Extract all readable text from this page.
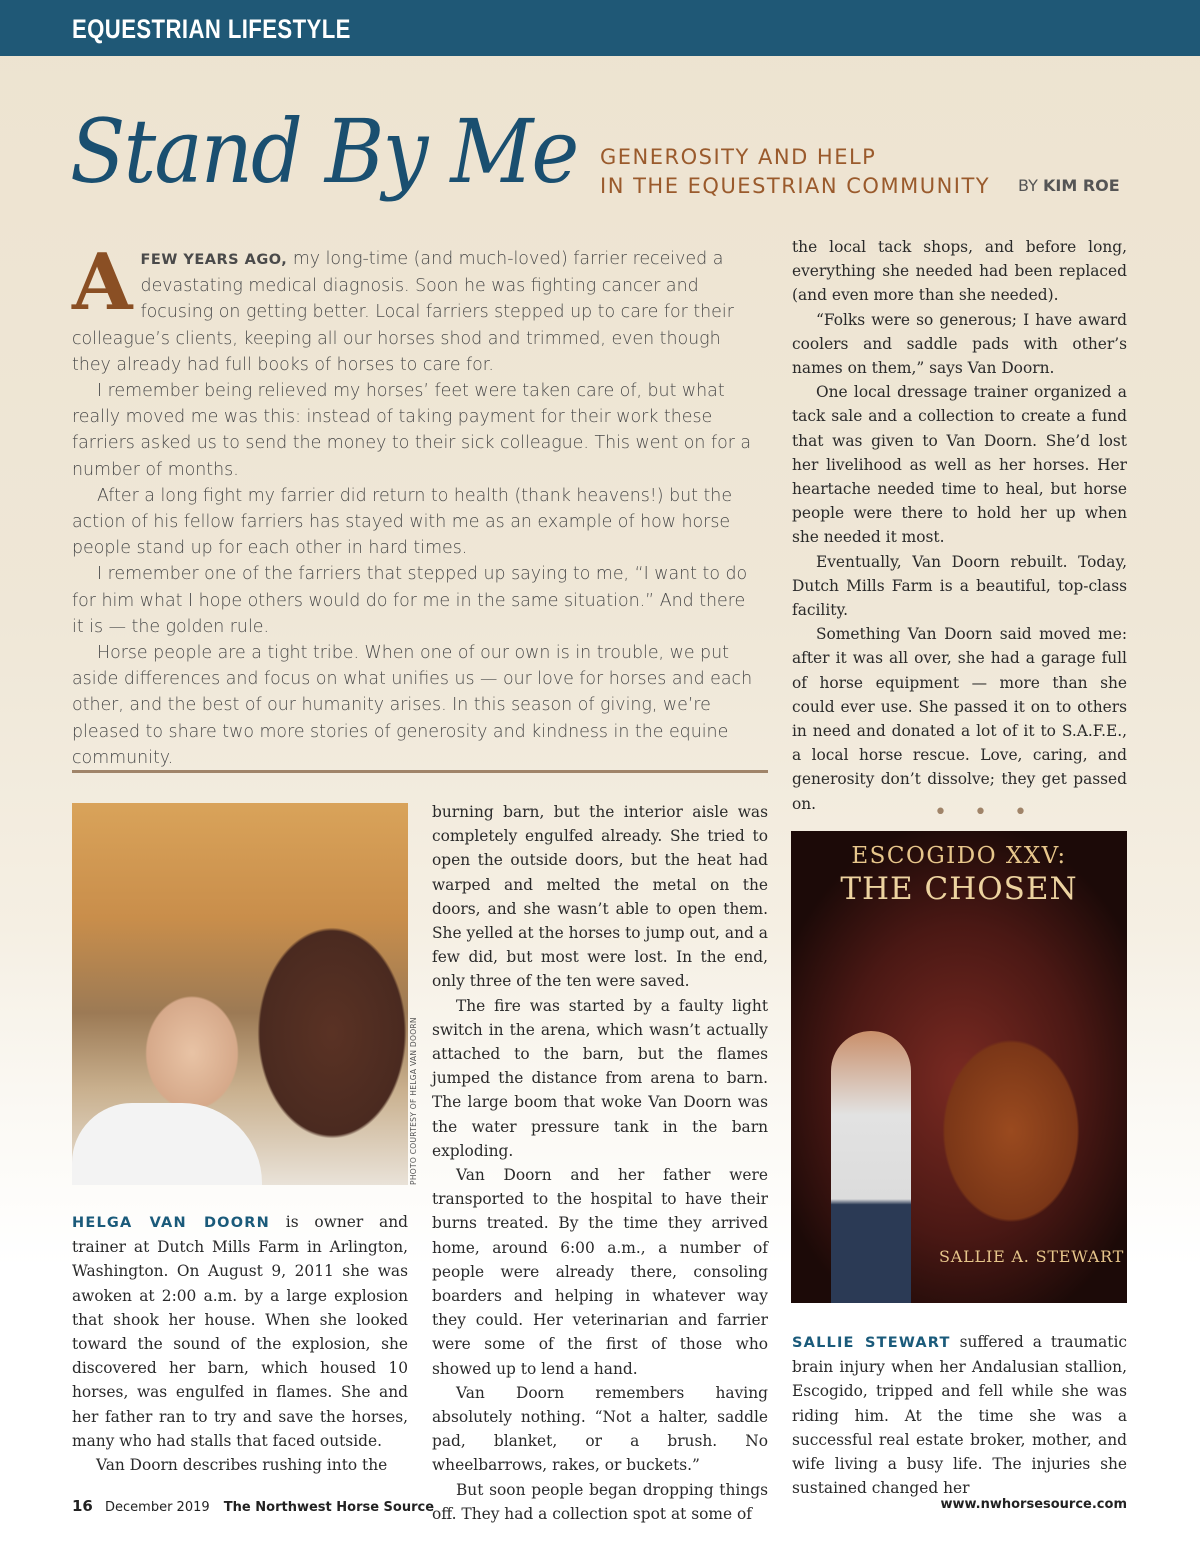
EQUESTRIAN LIFESTYLE
Stand By Me GENEROSITY AND HELP
IN THE EQUESTRIAN COMMUNITY BY KIM ROE

AFEW YEARS AGO, my long-time (and much-loved) farrier received a devastating medical diagnosis. Soon he was fighting cancer and focusing on getting better. Local farriers stepped up to care for their colleague’s clients, keeping all our horses shod and trimmed, even though they already had full books of horses to care for.

I remember being relieved my horses’ feet were taken care of, but what really moved me was this: instead of taking payment for their work these farriers asked us to send the money to their sick colleague. This went on for a number of months.

After a long fight my farrier did return to health (thank heavens!) but the action of his fellow farriers has stayed with me as an example of how horse people stand up for each other in hard times.

I remember one of the farriers that stepped up saying to me, “I want to do for him what I hope others would do for me in the same situation.” And there it is — the golden rule.

Horse people are a tight tribe. When one of our own is in trouble, we put aside differences and focus on what unifies us — our love for horses and each other, and the best of our humanity arises. In this season of giving, we’re pleased to share two more stories of generosity and kindness in the equine community.

PHOTO COURTESY OF HELGA VAN DOORN

HELGA VAN DOORN is owner and trainer at Dutch Mills Farm in Arlington, Washington. On August 9, 2011 she was awoken at 2:00 a.m. by a large explosion that shook her house. When she looked toward the sound of the explosion, she discovered her barn, which housed 10 horses, was engulfed in flames. She and her father ran to try and save the horses, many who had stalls that faced outside.

Van Doorn describes rushing into the

burning barn, but the interior aisle was completely engulfed already. She tried to open the outside doors, but the heat had warped and melted the metal on the doors, and she wasn’t able to open them. She yelled at the horses to jump out, and a few did, but most were lost. In the end, only three of the ten were saved.

The fire was started by a faulty light switch in the arena, which wasn’t actually attached to the barn, but the flames jumped the distance from arena to barn. The large boom that woke Van Doorn was the water pressure tank in the barn exploding.

Van Doorn and her father were transported to the hospital to have their burns treated. By the time they arrived home, around 6:00 a.m., a number of people were already there, consoling boarders and helping in whatever way they could. Her veterinarian and farrier were some of the first of those who showed up to lend a hand.

Van Doorn remembers having absolutely nothing. “Not a halter, saddle pad, blanket, or a brush. No wheelbarrows, rakes, or buckets.”

But soon people began dropping things off. They had a collection spot at some of

the local tack shops, and before long, everything she needed had been replaced (and even more than she needed).

“Folks were so generous; I have award coolers and saddle pads with other’s names on them,” says Van Doorn.

One local dressage trainer organized a tack sale and a collection to create a fund that was given to Van Doorn. She’d lost her livelihood as well as her horses. Her heartache needed time to heal, but horse people were there to hold her up when she needed it most.

Eventually, Van Doorn rebuilt. Today, Dutch Mills Farm is a beautiful, top-class facility.

Something Van Doorn said moved me: after it was all over, she had a garage full of horse equipment — more than she could ever use. She passed it on to others in need and donated a lot of it to S.A.F.E., a local horse rescue. Love, caring, and generosity don’t dissolve; they get passed on.	• • •
ESCOGIDO XXV:
THE CHOSEN
SALLIE A. STEWART

SALLIE STEWART suffered a traumatic brain injury when her Andalusian stallion, Escogido, tripped and fell while she was riding him. At the time she was a successful real estate broker, mother, and wife living a busy life. The injuries she sustained changed her

16 December 2019 The Northwest Horse Source	www.nwhorsesource.com
